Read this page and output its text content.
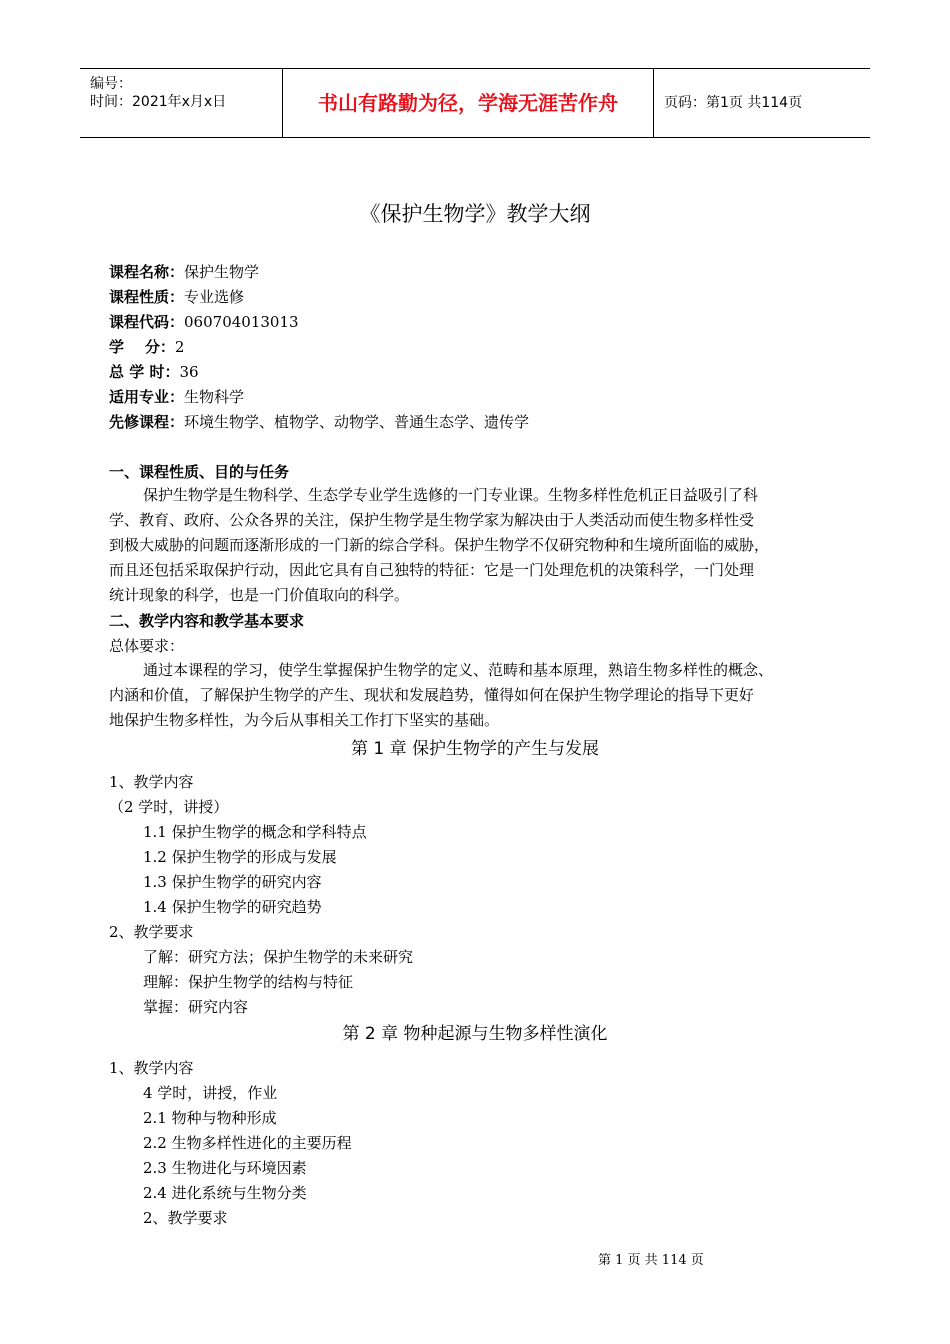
编号：
时间：2021年x月x日	书山有路勤为径，学海无涯苦作舟	页码：第1页 共114页
《保护生物学》教学大纲
课程名称：保护生物学
课程性质：专业选修
课程代码：060704013013
学    分：2
总 学 时：36
适用专业：生物科学
先修课程：环境生物学、植物学、动物学、普通生态学、遗传学
一、课程性质、目的与任务

保护生物学是生物科学、生态学专业学生选修的一门专业课。生物多样性危机正日益吸引了科

学、教育、政府、公众各界的关注，保护生物学是生物学家为解决由于人类活动而使生物多样性受

到极大威胁的问题而逐渐形成的一门新的综合学科。保护生物学不仅研究物种和生境所面临的威胁，

而且还包括采取保护行动，因此它具有自己独特的特征：它是一门处理危机的决策科学，一门处理

统计现象的科学，也是一门价值取向的科学。

二、教学内容和教学基本要求
总体要求：

通过本课程的学习，使学生掌握保护生物学的定义、范畴和基本原理，熟谙生物多样性的概念、

内涵和价值，了解保护生物学的产生、现状和发展趋势，懂得如何在保护生物学理论的指导下更好

地保护生物多样性，为今后从事相关工作打下坚实的基础。

第 1 章 保护生物学的产生与发展
1、教学内容
（2 学时，讲授）
1.1 保护生物学的概念和学科特点
1.2 保护生物学的形成与发展
1.3 保护生物学的研究内容
1.4 保护生物学的研究趋势
2、教学要求
了解：研究方法；保护生物学的未来研究
理解：保护生物学的结构与特征
掌握：研究内容
第 2 章 物种起源与生物多样性演化
1、教学内容
4 学时，讲授，作业
2.1 物种与物种形成
2.2 生物多样性进化的主要历程
2.3 生物进化与环境因素
2.4 进化系统与生物分类
2、教学要求
第 1 页 共 114 页
